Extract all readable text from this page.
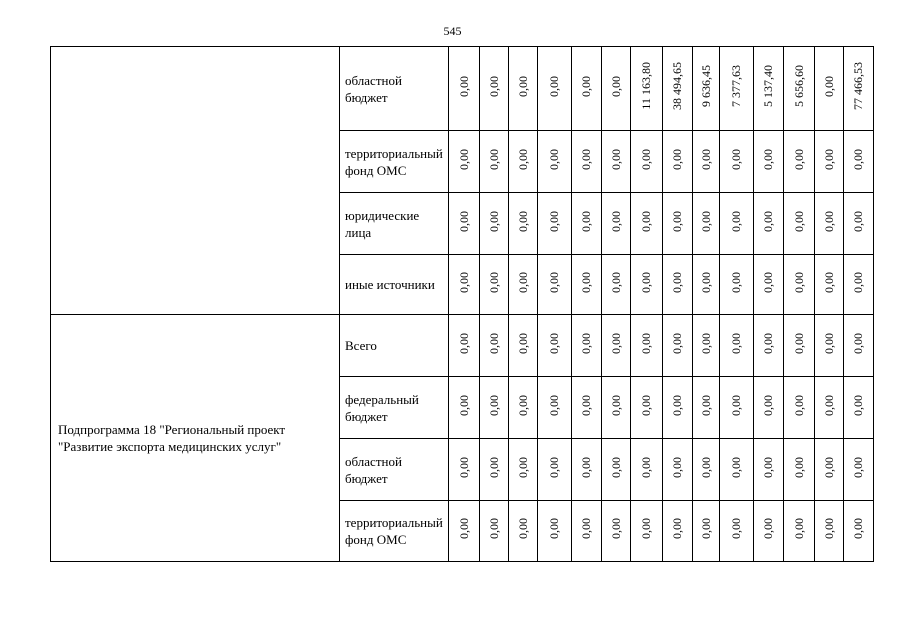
545
	областной бюджет	0,00	0,00	0,00	0,00	0,00	0,00	11 163,80	38 494,65	9 636,45	7 377,63	5 137,40	5 656,60	0,00	77 466,53
	территориальный фонд ОМС	0,00	0,00	0,00	0,00	0,00	0,00	0,00	0,00	0,00	0,00	0,00	0,00	0,00	0,00
	юридические лица	0,00	0,00	0,00	0,00	0,00	0,00	0,00	0,00	0,00	0,00	0,00	0,00	0,00	0,00
	иные источники	0,00	0,00	0,00	0,00	0,00	0,00	0,00	0,00	0,00	0,00	0,00	0,00	0,00	0,00
Подпрограмма 18 "Региональный проект "Развитие экспорта медицинских услуг"	Всего	0,00	0,00	0,00	0,00	0,00	0,00	0,00	0,00	0,00	0,00	0,00	0,00	0,00	0,00
	федеральный бюджет	0,00	0,00	0,00	0,00	0,00	0,00	0,00	0,00	0,00	0,00	0,00	0,00	0,00	0,00
	областной бюджет	0,00	0,00	0,00	0,00	0,00	0,00	0,00	0,00	0,00	0,00	0,00	0,00	0,00	0,00
	территориальный фонд ОМС	0,00	0,00	0,00	0,00	0,00	0,00	0,00	0,00	0,00	0,00	0,00	0,00	0,00	0,00
